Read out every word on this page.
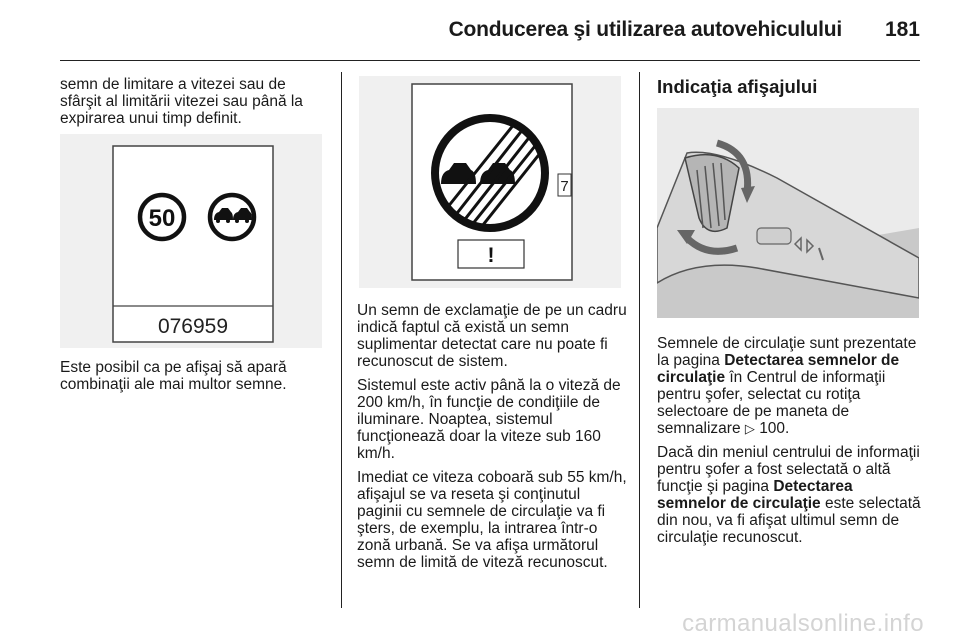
Conducerea şi utilizarea autovehiculului 181

semn de limitare a vitezei sau de sfârşit al limitării vitezei sau până la expirarea unui timp definit.

50
076959

Este posibil ca pe afişaj să apară combinaţii ale mai multor semne.

7
!

Un semn de exclamaţie de pe un cadru indică faptul că există un semn suplimentar detectat care nu poate fi recunoscut de sistem.

Sistemul este activ până la o viteză de 200 km/h, în funcţie de condiţiile de iluminare. Noaptea, sistemul funcţionează doar la viteze sub 160 km/h.

Imediat ce viteza coboară sub 55 km/h, afişajul se va reseta şi conţinutul paginii cu semnele de circulaţie va fi şters, de exemplu, la intrarea într-o zonă urbană. Se va afişa următorul semn de limită de viteză recunoscut.

Indicaţia afişajului

Semnele de circulaţie sunt prezentate la pagina Detectarea semnelor de circulaţie în Centrul de informaţii pentru şofer, selectat cu rotiţa selectoare de pe maneta de semnalizare ▷ 100.

Dacă din meniul centrului de informaţii pentru şofer a fost selectată o altă funcţie şi pagina Detectarea semnelor de circulaţie este selectată din nou, va fi afişat ultimul semn de circulaţie recunoscut.

carmanualsonline.info
